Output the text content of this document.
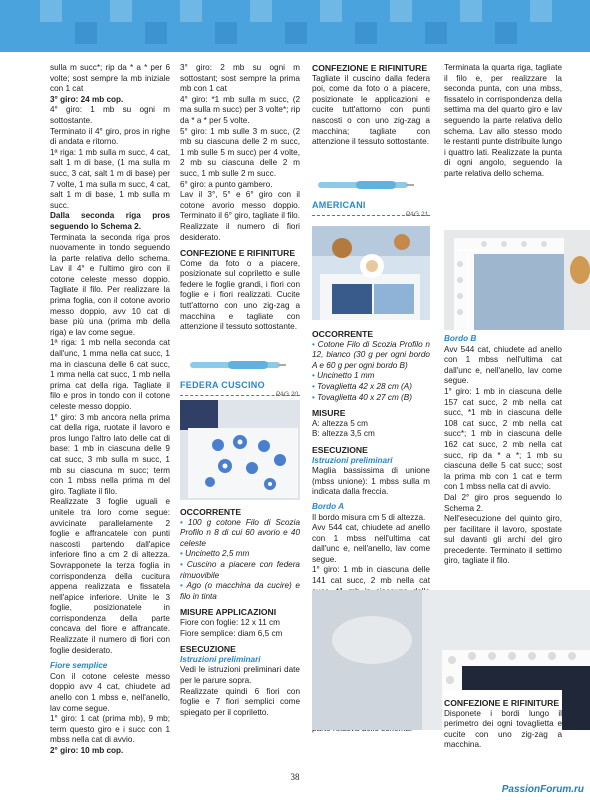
sulla m succ*; rip da * a * per 6 volte; sost sempre la mb iniziale con 1 cat

3° giro: 24 mb cop.

4° giro: 1 mb su ogni m sottostante.

Terminato il 4° giro, pros in righe di andata e ritorno.

1ª riga: 1 mb sulla m succ, 4 cat, salt 1 m di base, (1 ma sulla m succ, 3 cat, salt 1 m di base) per 7 volte, 1 ma sulla m succ, 4 cat, salt 1 m di base, 1 mb sulla m succ.

Dalla seconda riga pros seguendo lo Schema 2.

Terminata la seconda riga pros nuovamente in tondo seguendo la parte relativa dello schema. Lav il 4° e l'ultimo giro con il cotone celeste messo doppio. Tagliate il filo. Per realizzare la prima foglia, con il cotone avorio messo doppio, avv 10 cat di base più una (prima mb della riga) e lav come segue.

1ª riga: 1 mb nella seconda cat dall'unc, 1 mma nella cat succ, 1 ma in ciascuna delle 6 cat succ, 1 mma nella cat succ, 1 mb nella prima cat della riga. Tagliate il filo e pros in tondo con il cotone celeste messo doppio.

1° giro: 3 mb ancora nella prima cat della riga, ruotate il lavoro e pros lungo l'altro lato delle cat di base: 1 mb in ciascuna delle 9 cat succ, 3 mb sulla m succ, 1 mb su ciascuna m succ; term con 1 mbss nella prima m del giro. Tagliate il filo.

Realizzate 3 foglie uguali e unitele tra loro come segue: avvicinate parallelamente 2 foglie e affrancatele con punti nascosti partendo dall'apice inferiore fino a cm 2 di altezza. Sovrapponete la terza foglia in corrispondenza della cucitura appena realizzata e fissatela nell'apice inferiore. Unite le 3 foglie, posizionatele in corrispondenza della parte concava del fiore e affrancate. Realizzate il numero di fiori con foglie desiderato.

Fiore semplice

Con il cotone celeste messo doppio avv 4 cat, chiudete ad anello con 1 mbss e, nell'anello, lav come segue.

1° giro: 1 cat (prima mb), 9 mb; term questo giro e i succ con 1 mbss nella cat di avvio.

2° giro: 10 mb cop.

3° giro: 2 mb su ogni m sottostant; sost sempre la prima mb con 1 cat

4° giro: *1 mb sulla m succ, (2 ma sulla m succ) per 3 volte*; rip da * a * per 5 volte.

5° giro: 1 mb sulle 3 m succ, (2 mb su ciascuna delle 2 m succ, 1 mb sulle 5 m succ) per 4 volte, 2 mb su ciascuna delle 2 m succ, 1 mb sulle 2 m succ.

6° giro: a punto gambero.

Lav il 3°, 5° e 6° giro con il cotone avorio messo doppio. Terminato il 6° giro, tagliate il filo. Realizzate il numero di fiori desiderato.

CONFEZIONE E RIFINITURE

Come da foto o a piacere, posizionate sul copriletto e sulle federe le foglie grandi, i fiori con foglie e i fiori realizzati. Cucite tutt'attorno con uno zig-zag a macchina e tagliate con attenzione il tessuto sottostante.

FEDERA CUSCINO
PAG 20

OCCORRENTE

• 100 g cotone Filo di Scozia Profilo n 8 di cui 60 avorio e 40 celeste

• Uncinetto 2,5 mm

• Cuscino a piacere con federa rimuovibile

• Ago (o macchina da cucire) e filo in tinta

MISURE APPLICAZIONI

Fiore con foglie: 12 x 11 cm

Fiore semplice: diam 6,5 cm

ESECUZIONE

Istruzioni preliminari

Vedi le istruzioni preliminari date per le parure sopra.

Realizzate quindi 6 fiori con foglie e 7 fiori semplici come spiegato per il copriletto.

CONFEZIONE E RIFINITURE

Tagliate il cuscino dalla federa poi, come da foto o a piacere, posizionate le applicazioni e cucite tutt'attorno con punti nascosti o con uno zig-zag a macchina; tagliate con attenzione il tessuto sottostante.

AMERICANI
PAG 21

OCCORRENTE

• Cotone Filo di Scozia Profilo n 12, bianco (30 g per ogni bordo A e 60 g per ogni bordo B)

• Uncinetto 1 mm

• Tovaglietta 42 x 28 cm (A)

• Tovaglietta 40 x 27 cm (B)

MISURE

A: altezza 5 cm

B: altezza 3,5 cm

ESECUZIONE

Istruzioni preliminari

Maglia bassissima di unione (mbss unione): 1 mbss sulla m indicata dalla freccia.

Bordo A

Il bordo misura cm 5 di altezza.

Avv 544 cat, chiudete ad anello con 1 mbss nell'ultima cat dall'unc e, nell'anello, lav come segue.

1° giro: 1 mb in ciascuna delle 141 cat succ, 2 mb nella cat

Terminata la quarta riga, tagliate il filo e, per realizzare la seconda punta, con una mbss, fissatelo in corrispondenza della settima ma del quarto giro e lav seguendo la parte relativa dello schema. Lav allo stesso modo le restanti punte distribuite lungo i quattro lati. Realizzate la punta di ogni angolo, seguendo la parte relativa dello schema.

Bordo B

Avv 544 cat, chiudete ad anello con 1 mbss nell'ultima cat dall'unc e, nell'anello, lav come segue.

1° giro: 1 mb in ciascuna delle 157 cat succ, 2 mb nella cat succ, *1 mb in ciascuna delle 108 cat succ, 2 mb nella cat succ*; 1 mb in ciascuna delle 162 cat succ, 2 mb nella cat succ, rip da * a *; 1 mb su ciascuna delle 5 cat succ; sost la prima mb con 1 cat e term con 1 mbss nella cat di avvio.

Dal 2° giro pros seguendo lo Schema 2.

Nell'esecuzione del quinto giro, per facilitare il lavoro, spostate sul davanti gli archi del giro precedente. Terminato il settimo giro, tagliate il filo.

CONFEZIONE E RIFINITURE

Disponete i bordi lungo il perimetro dei ogni tovaglietta e cucite con uno zig-zag a macchina.

38
PassionForum.ru
